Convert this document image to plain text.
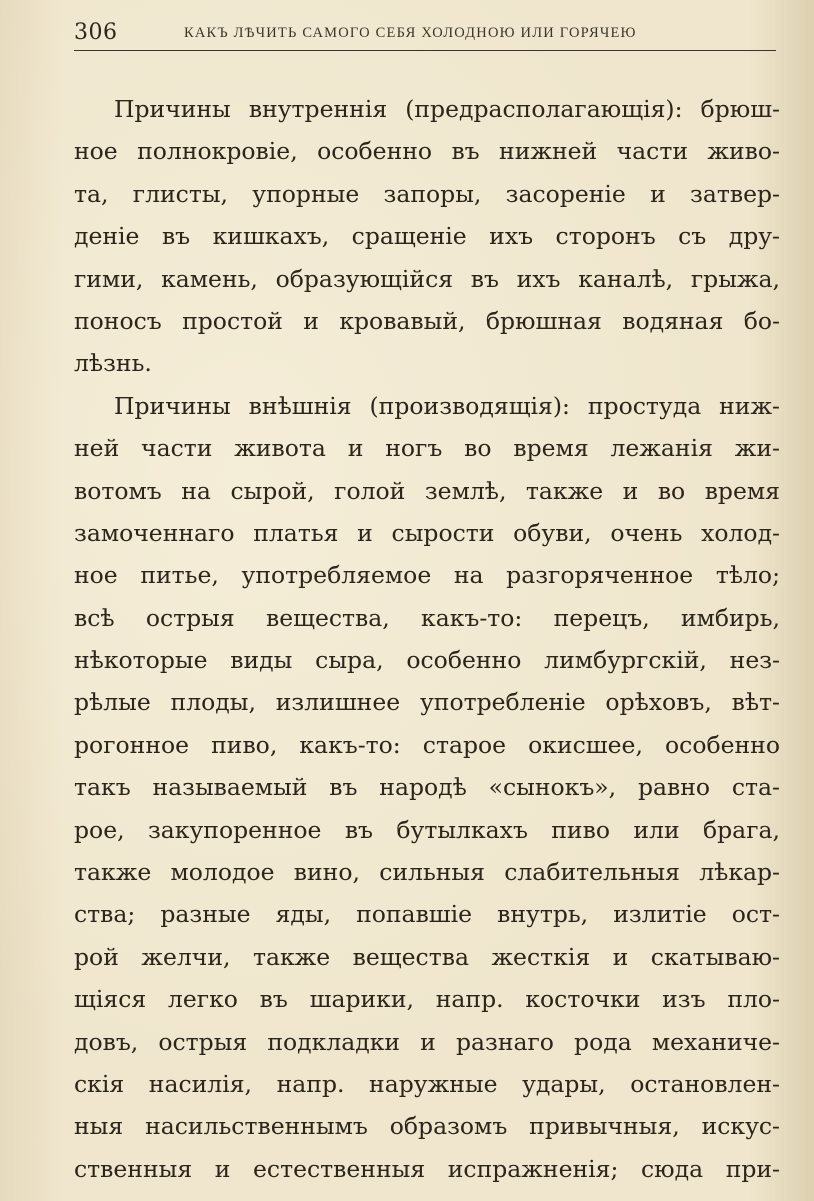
306	КАКЪ ЛѢЧИТЬ САМОГО СЕБЯ ХОЛОДНОЮ ИЛИ ГОРЯЧЕЮ
Причины внутреннія (предрасполагающія): брюш-
ное полнокровіе, особенно въ нижней части живо-
та, глисты, упорные запоры, засореніе и затвер-
деніе въ кишкахъ, сращеніе ихъ сторонъ съ дру-
гими, камень, образующійся въ ихъ каналѣ, грыжа,
поносъ простой и кровавый, брюшная водяная бо-
лѣзнь.
Причины внѣшнія (производящія): простуда ниж-
ней части живота и ногъ во время лежанія жи-
вотомъ на сырой, голой землѣ, также и во время
замоченнаго платья и сырости обуви, очень холод-
ное питье, употребляемое на разгоряченное тѣло;
всѣ острыя вещества, какъ-то: перецъ, имбирь,
нѣкоторые виды сыра, особенно лимбургскій, нез-
рѣлые плоды, излишнее употребленіе орѣховъ, вѣт-
рогонное пиво, какъ-то: старое окисшее, особенно
такъ называемый въ народѣ «сынокъ», равно ста-
рое, закупоренное въ бутылкахъ пиво или брага,
также молодое вино, сильныя слабительныя лѣкар-
ства; разные яды, попавшіе внутрь, излитіе ост-
рой желчи, также вещества жесткія и скатываю-
щіяся легко въ шарики, напр. косточки изъ пло-
довъ, острыя подкладки и разнаго рода механиче-
скія насилія, напр. наружные удары, остановлен-
ныя насильственнымъ образомъ привычныя, искус-
ственныя и естественныя испражненія; сюда при-
